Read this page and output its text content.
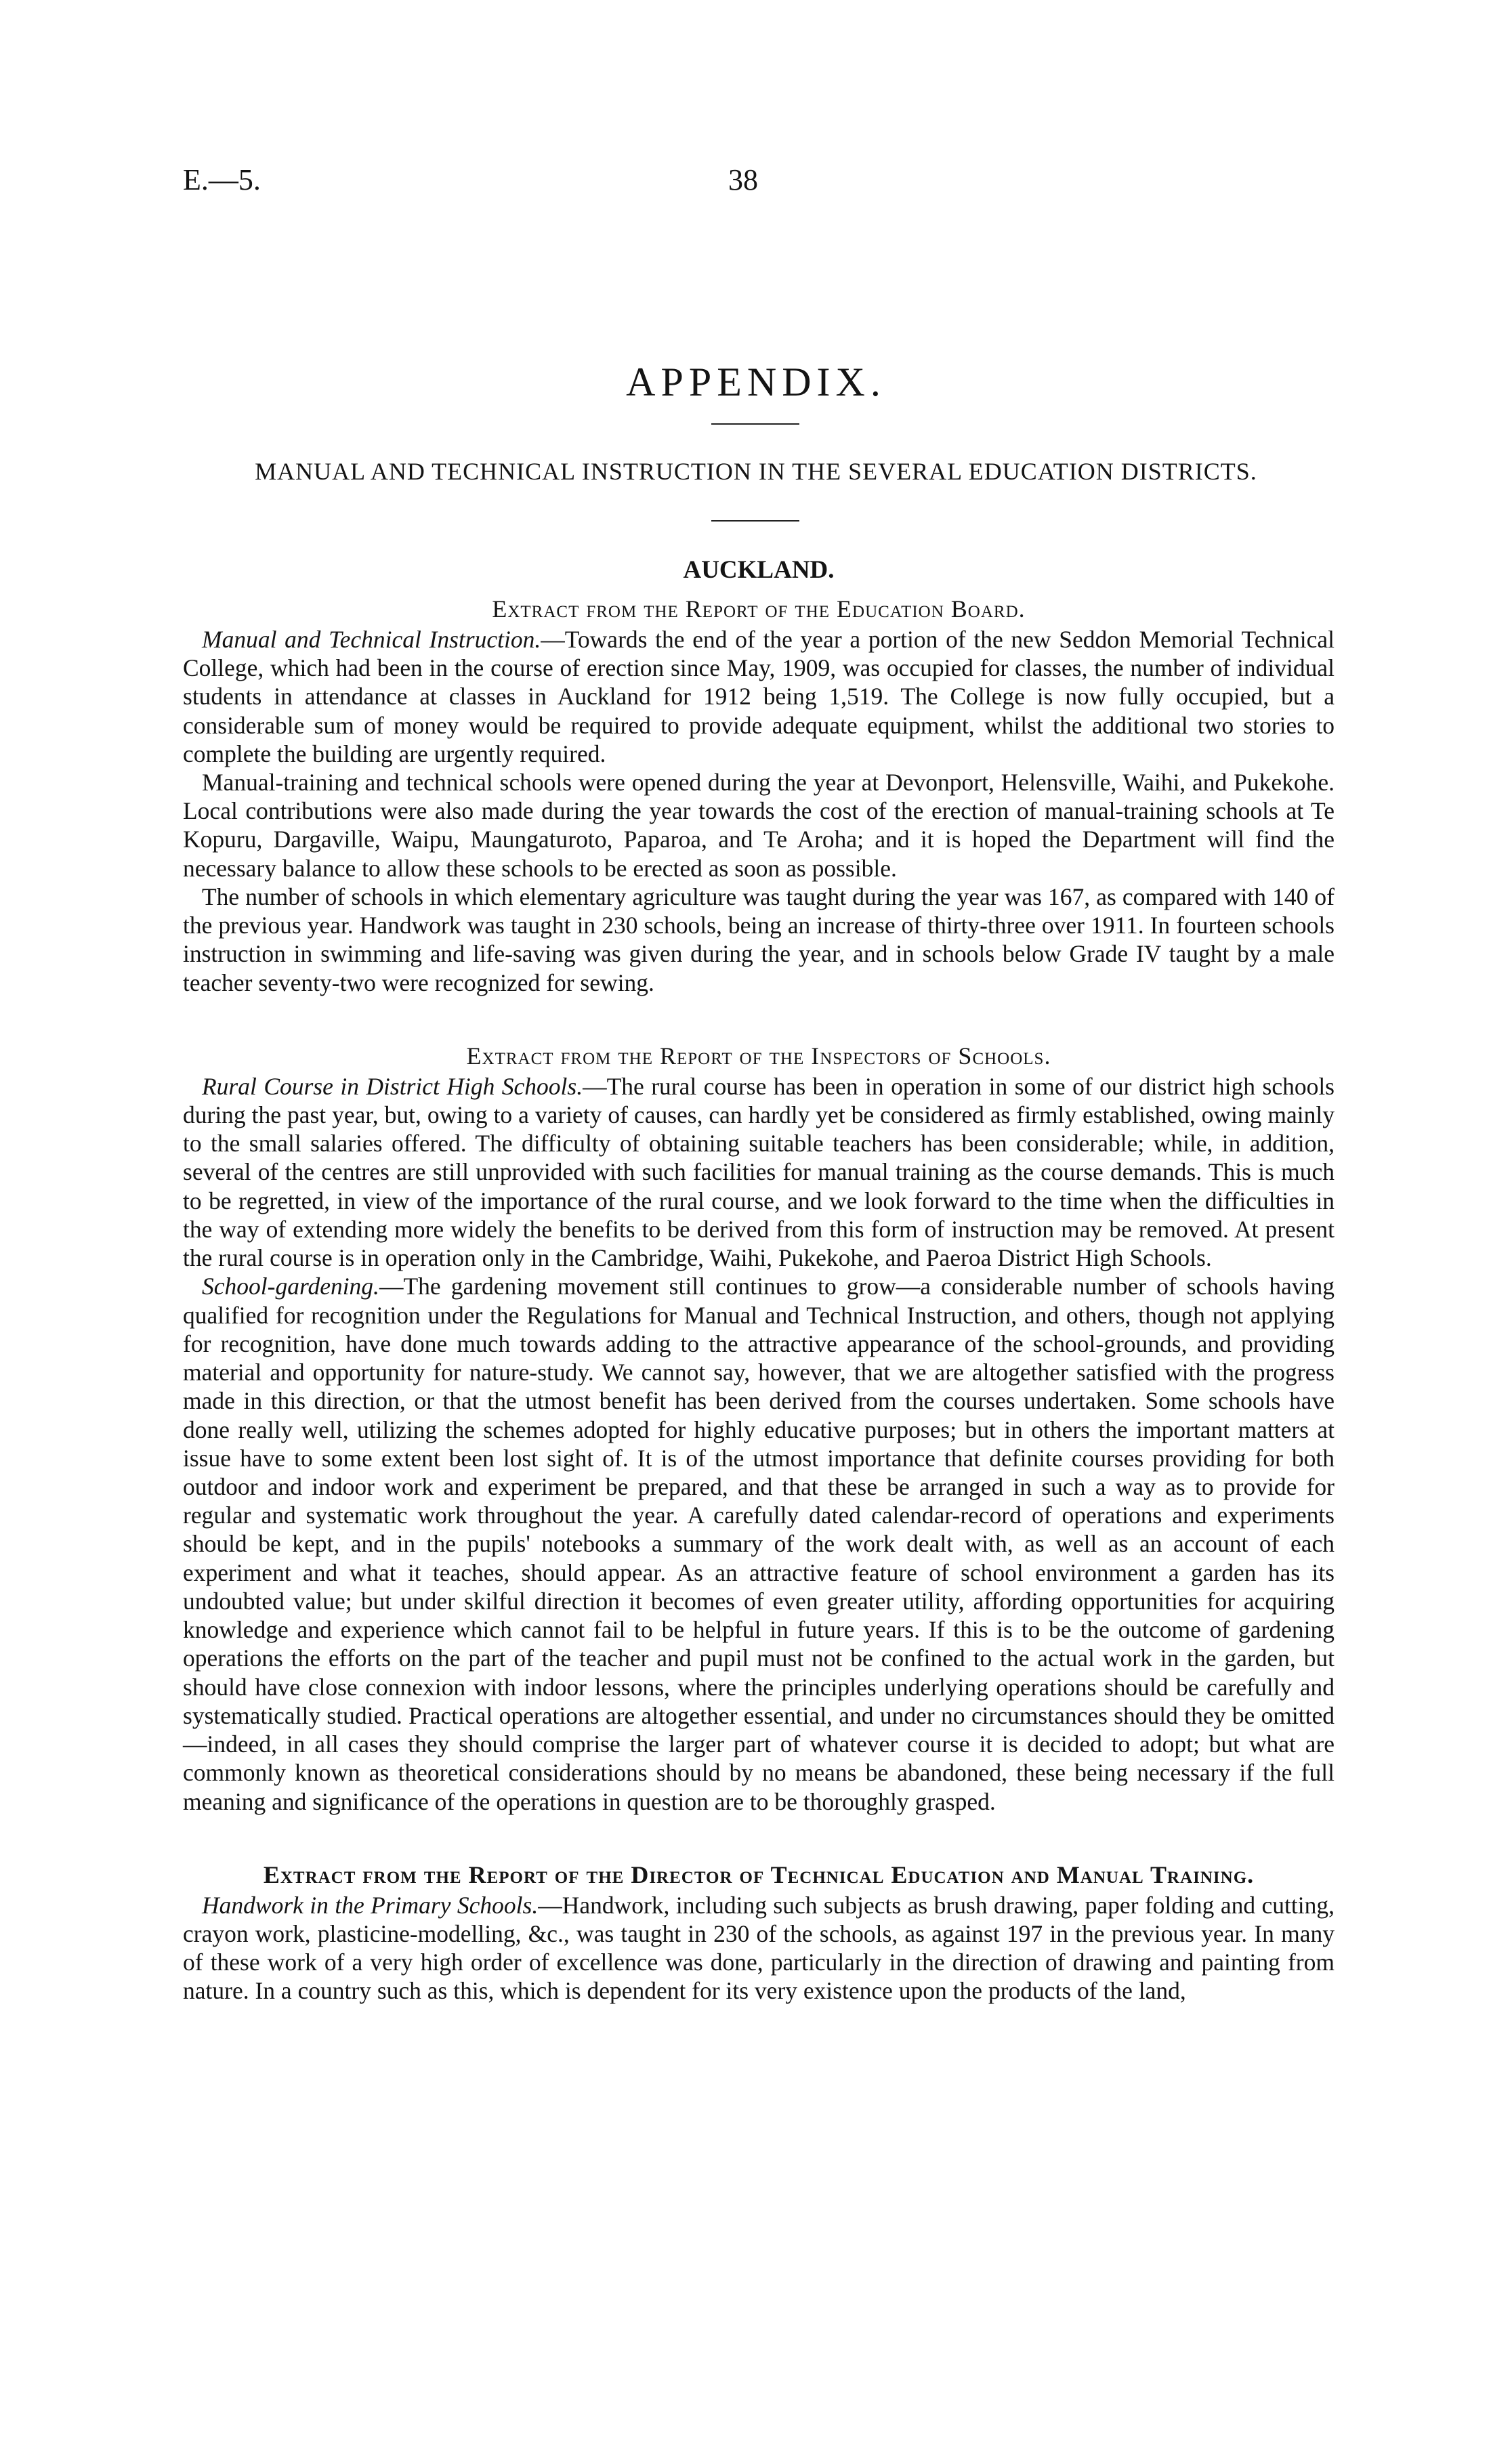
E.—5.	38
APPENDIX.
MANUAL AND TECHNICAL INSTRUCTION IN THE SEVERAL EDUCATION DISTRICTS.
AUCKLAND.
Extract from the Report of the Education Board.

Manual and Technical Instruction.—Towards the end of the year a portion of the new Seddon Memorial Technical College, which had been in the course of erection since May, 1909, was occupied for classes, the number of individual students in attendance at classes in Auckland for 1912 being 1,519. The College is now fully occupied, but a considerable sum of money would be required to provide adequate equipment, whilst the additional two stories to complete the building are urgently required.

Manual-training and technical schools were opened during the year at Devonport, Helensville, Waihi, and Pukekohe. Local contributions were also made during the year towards the cost of the erection of manual-training schools at Te Kopuru, Dargaville, Waipu, Maungaturoto, Paparoa, and Te Aroha; and it is hoped the Department will find the necessary balance to allow these schools to be erected as soon as possible.

The number of schools in which elementary agriculture was taught during the year was 167, as compared with 140 of the previous year. Handwork was taught in 230 schools, being an increase of thirty-three over 1911. In fourteen schools instruction in swimming and life-saving was given during the year, and in schools below Grade IV taught by a male teacher seventy-two were recognized for sewing.

Extract from the Report of the Inspectors of Schools.

Rural Course in District High Schools.—The rural course has been in operation in some of our district high schools during the past year, but, owing to a variety of causes, can hardly yet be considered as firmly established, owing mainly to the small salaries offered. The difficulty of obtaining suitable teachers has been considerable; while, in addition, several of the centres are still unprovided with such facilities for manual training as the course demands. This is much to be regretted, in view of the importance of the rural course, and we look forward to the time when the difficulties in the way of extending more widely the benefits to be derived from this form of instruction may be removed. At present the rural course is in operation only in the Cambridge, Waihi, Pukekohe, and Paeroa District High Schools.

School-gardening.—The gardening movement still continues to grow—a considerable number of schools having qualified for recognition under the Regulations for Manual and Technical Instruction, and others, though not applying for recognition, have done much towards adding to the attractive appearance of the school-grounds, and providing material and opportunity for nature-study. We cannot say, however, that we are altogether satisfied with the progress made in this direction, or that the utmost benefit has been derived from the courses undertaken. Some schools have done really well, utilizing the schemes adopted for highly educative purposes; but in others the important matters at issue have to some extent been lost sight of. It is of the utmost importance that definite courses providing for both outdoor and indoor work and experiment be prepared, and that these be arranged in such a way as to provide for regular and systematic work throughout the year. A carefully dated calendar-record of operations and experiments should be kept, and in the pupils' notebooks a summary of the work dealt with, as well as an account of each experiment and what it teaches, should appear. As an attractive feature of school environment a garden has its undoubted value; but under skilful direction it becomes of even greater utility, affording opportunities for acquiring knowledge and experience which cannot fail to be helpful in future years. If this is to be the outcome of gardening operations the efforts on the part of the teacher and pupil must not be confined to the actual work in the garden, but should have close connexion with indoor lessons, where the principles underlying operations should be carefully and systematically studied. Practical operations are altogether essential, and under no circumstances should they be omitted—indeed, in all cases they should comprise the larger part of whatever course it is decided to adopt; but what are commonly known as theoretical considerations should by no means be abandoned, these being necessary if the full meaning and significance of the operations in question are to be thoroughly grasped.

Extract from the Report of the Director of Technical Education and Manual Training.

Handwork in the Primary Schools.—Handwork, including such subjects as brush drawing, paper folding and cutting, crayon work, plasticine-modelling, &c., was taught in 230 of the schools, as against 197 in the previous year. In many of these work of a very high order of excellence was done, particularly in the direction of drawing and painting from nature. In a country such as this, which is dependent for its very existence upon the products of the land,
